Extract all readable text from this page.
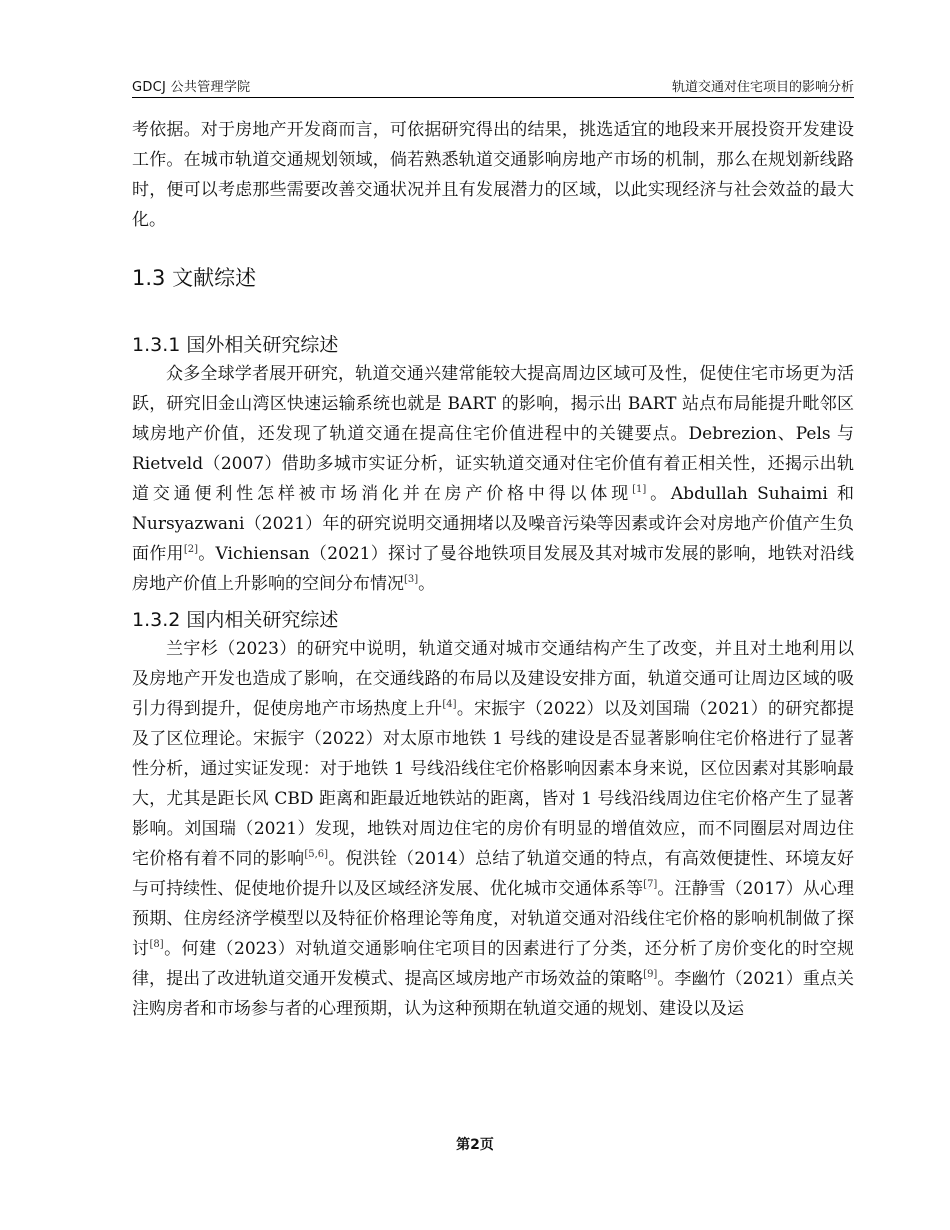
GDCJ 公共管理学院	轨道交通对住宅项目的影响分析

考依据。对于房地产开发商而言，可依据研究得出的结果，挑选适宜的地段来开展投资开发建设工作。在城市轨道交通规划领域，倘若熟悉轨道交通影响房地产市场的机制，那么在规划新线路时，便可以考虑那些需要改善交通状况并且有发展潜力的区域，以此实现经济与社会效益的最大化。

1.3 文献综述
1.3.1 国外相关研究综述

众多全球学者展开研究，轨道交通兴建常能较大提高周边区域可及性，促使住宅市场更为活跃，研究旧金山湾区快速运输系统也就是 BART 的影响，揭示出 BART 站点布局能提升毗邻区域房地产价值，还发现了轨道交通在提高住宅价值进程中的关键要点。Debrezion、Pels 与 Rietveld（2007）借助多城市实证分析，证实轨道交通对住宅价值有着正相关性，还揭示出轨道交通便利性怎样被市场消化并在房产价格中得以体现[1]。Abdullah Suhaimi 和 Nursyazwani（2021）年的研究说明交通拥堵以及噪音污染等因素或许会对房地产价值产生负面作用[2]。Vichiensan（2021）探讨了曼谷地铁项目发展及其对城市发展的影响，地铁对沿线房地产价值上升影响的空间分布情况[3]。

1.3.2 国内相关研究综述

兰宇杉（2023）的研究中说明，轨道交通对城市交通结构产生了改变，并且对土地利用以及房地产开发也造成了影响，在交通线路的布局以及建设安排方面，轨道交通可让周边区域的吸引力得到提升，促使房地产市场热度上升[4]。宋振宇（2022）以及刘国瑞（2021）的研究都提及了区位理论。宋振宇（2022）对太原市地铁 1 号线的建设是否显著影响住宅价格进行了显著性分析，通过实证发现：对于地铁 1 号线沿线住宅价格影响因素本身来说，区位因素对其影响最大，尤其是距长风 CBD 距离和距最近地铁站的距离，皆对 1 号线沿线周边住宅价格产生了显著影响。刘国瑞（2021）发现，地铁对周边住宅的房价有明显的增值效应，而不同圈层对周边住宅价格有着不同的影响[5,6]。倪洪铨（2014）总结了轨道交通的特点，有高效便捷性、环境友好与可持续性、促使地价提升以及区域经济发展、优化城市交通体系等[7]。汪静雪（2017）从心理预期、住房经济学模型以及特征价格理论等角度，对轨道交通对沿线住宅价格的影响机制做了探讨[8]。何建（2023）对轨道交通影响住宅项目的因素进行了分类，还分析了房价变化的时空规律，提出了改进轨道交通开发模式、提高区域房地产市场效益的策略[9]。李幽竹（2021）重点关注购房者和市场参与者的心理预期，认为这种预期在轨道交通的规划、建设以及运

第2页
